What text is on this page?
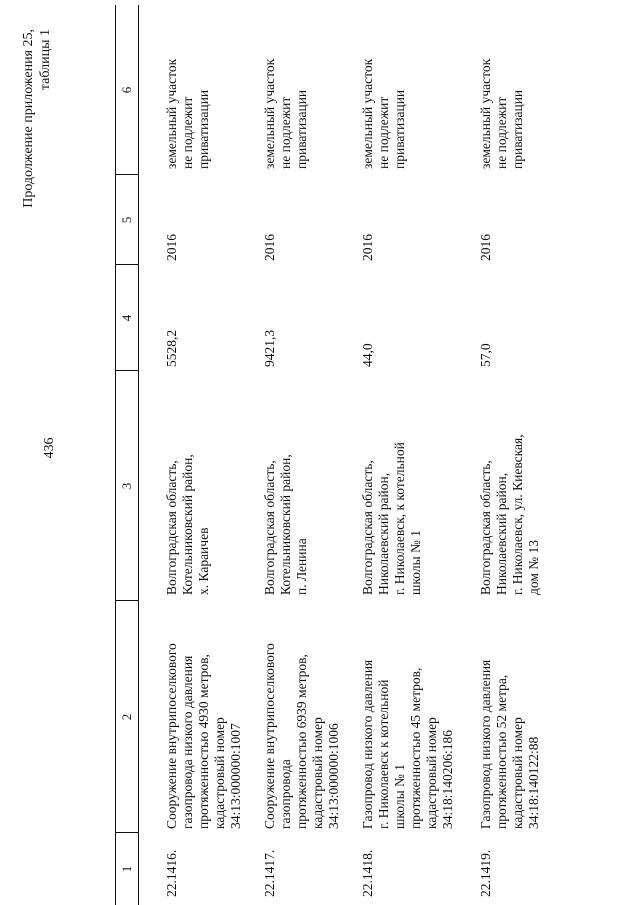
436
Продолжение приложения 25, таблицы 1
1
2
3
4
5
6
22.1416.
Сооружение внутрипоселкового газопровода низкого давления протяженностью 4930 метров, кадастровый номер 34:13:000000:1007
Волгоградская область, Котельниковский район, х. Караичев
5528,2
2016
земельный участок не подлежит приватизации
22.1417.
Сооружение внутрипоселкового газопровода протяженностью 6939 метров, кадастровый номер 34:13:000000:1006
Волгоградская область, Котельниковский район, п. Ленина
9421,3
2016
земельный участок не подлежит приватизации
22.1418.
Газопровод низкого давления г. Николаевск к котельной школы № 1 протяженностью 45 метров, кадастровый номер 34:18:140206:186
Волгоградская область, Николаевский район, г. Николаевск, к котельной школы № 1
44,0
2016
земельный участок не подлежит приватизации
22.1419.
Газопровод низкого давления протяженностью 52 метра, кадастровый номер 34:18:140122:88
Волгоградская область, Николаевский район, г. Николаевск, ул. Киевская, дом № 13
57,0
2016
земельный участок не подлежит приватизации
